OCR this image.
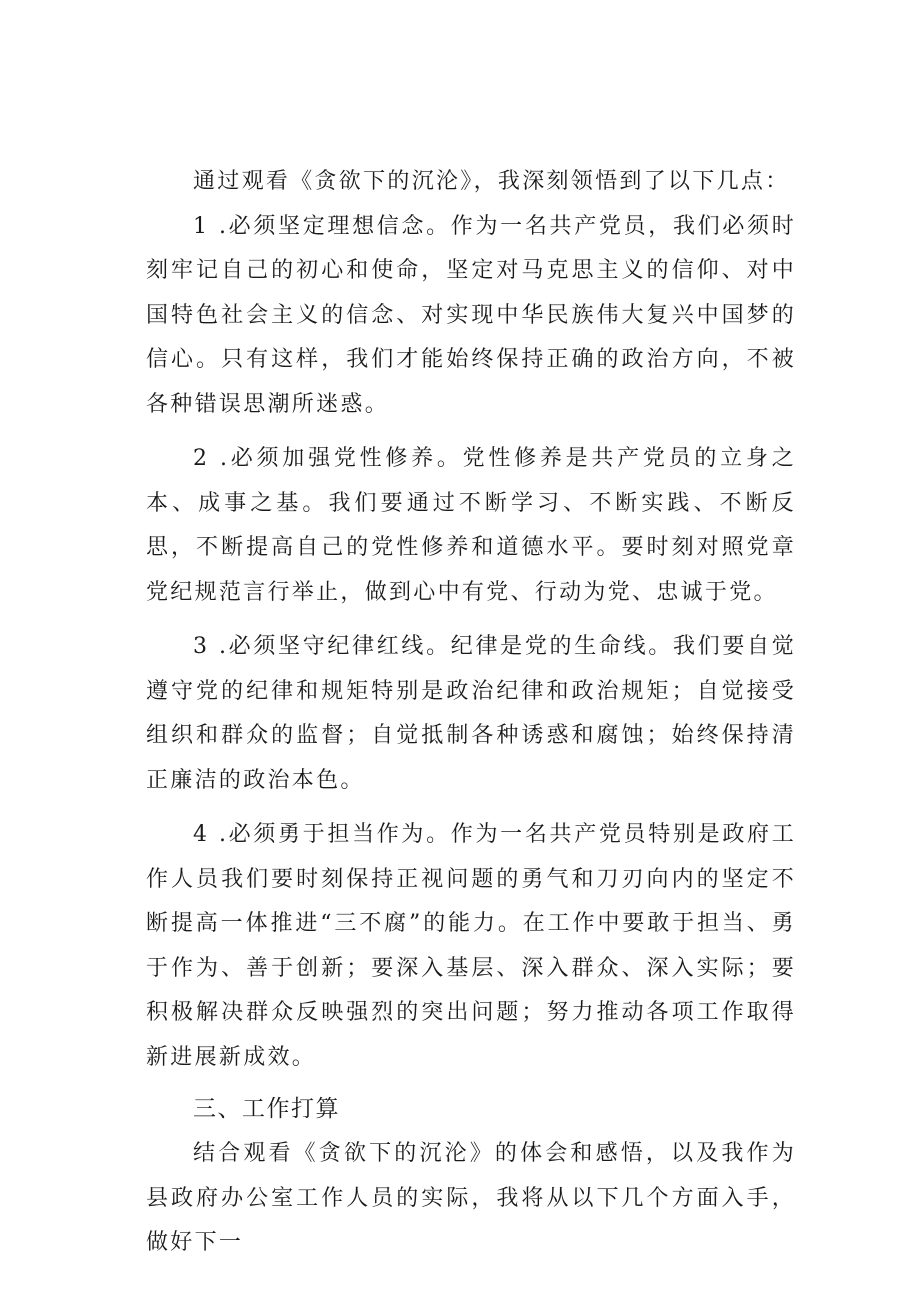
通过观看《贪欲下的沉沦》，我深刻领悟到了以下几点：

1 .必须坚定理想信念。作为一名共产党员，我们必须时刻牢记自己的初心和使命，坚定对马克思主义的信仰、对中国特色社会主义的信念、对实现中华民族伟大复兴中国梦的信心。只有这样，我们才能始终保持正确的政治方向，不被各种错误思潮所迷惑。

2 .必须加强党性修养。党性修养是共产党员的立身之本、成事之基。我们要通过不断学习、不断实践、不断反思，不断提高自己的党性修养和道德水平。要时刻对照党章党纪规范言行举止，做到心中有党、行动为党、忠诚于党。

3 .必须坚守纪律红线。纪律是党的生命线。我们要自觉遵守党的纪律和规矩特别是政治纪律和政治规矩；自觉接受组织和群众的监督；自觉抵制各种诱惑和腐蚀；始终保持清正廉洁的政治本色。

4 .必须勇于担当作为。作为一名共产党员特别是政府工作人员我们要时刻保持正视问题的勇气和刀刃向内的坚定不断提高一体推进“三不腐”的能力。在工作中要敢于担当、勇于作为、善于创新；要深入基层、深入群众、深入实际；要积极解决群众反映强烈的突出问题；努力推动各项工作取得新进展新成效。

三、工作打算

结合观看《贪欲下的沉沦》的体会和感悟，以及我作为县政府办公室工作人员的实际，我将从以下几个方面入手，做好下一
